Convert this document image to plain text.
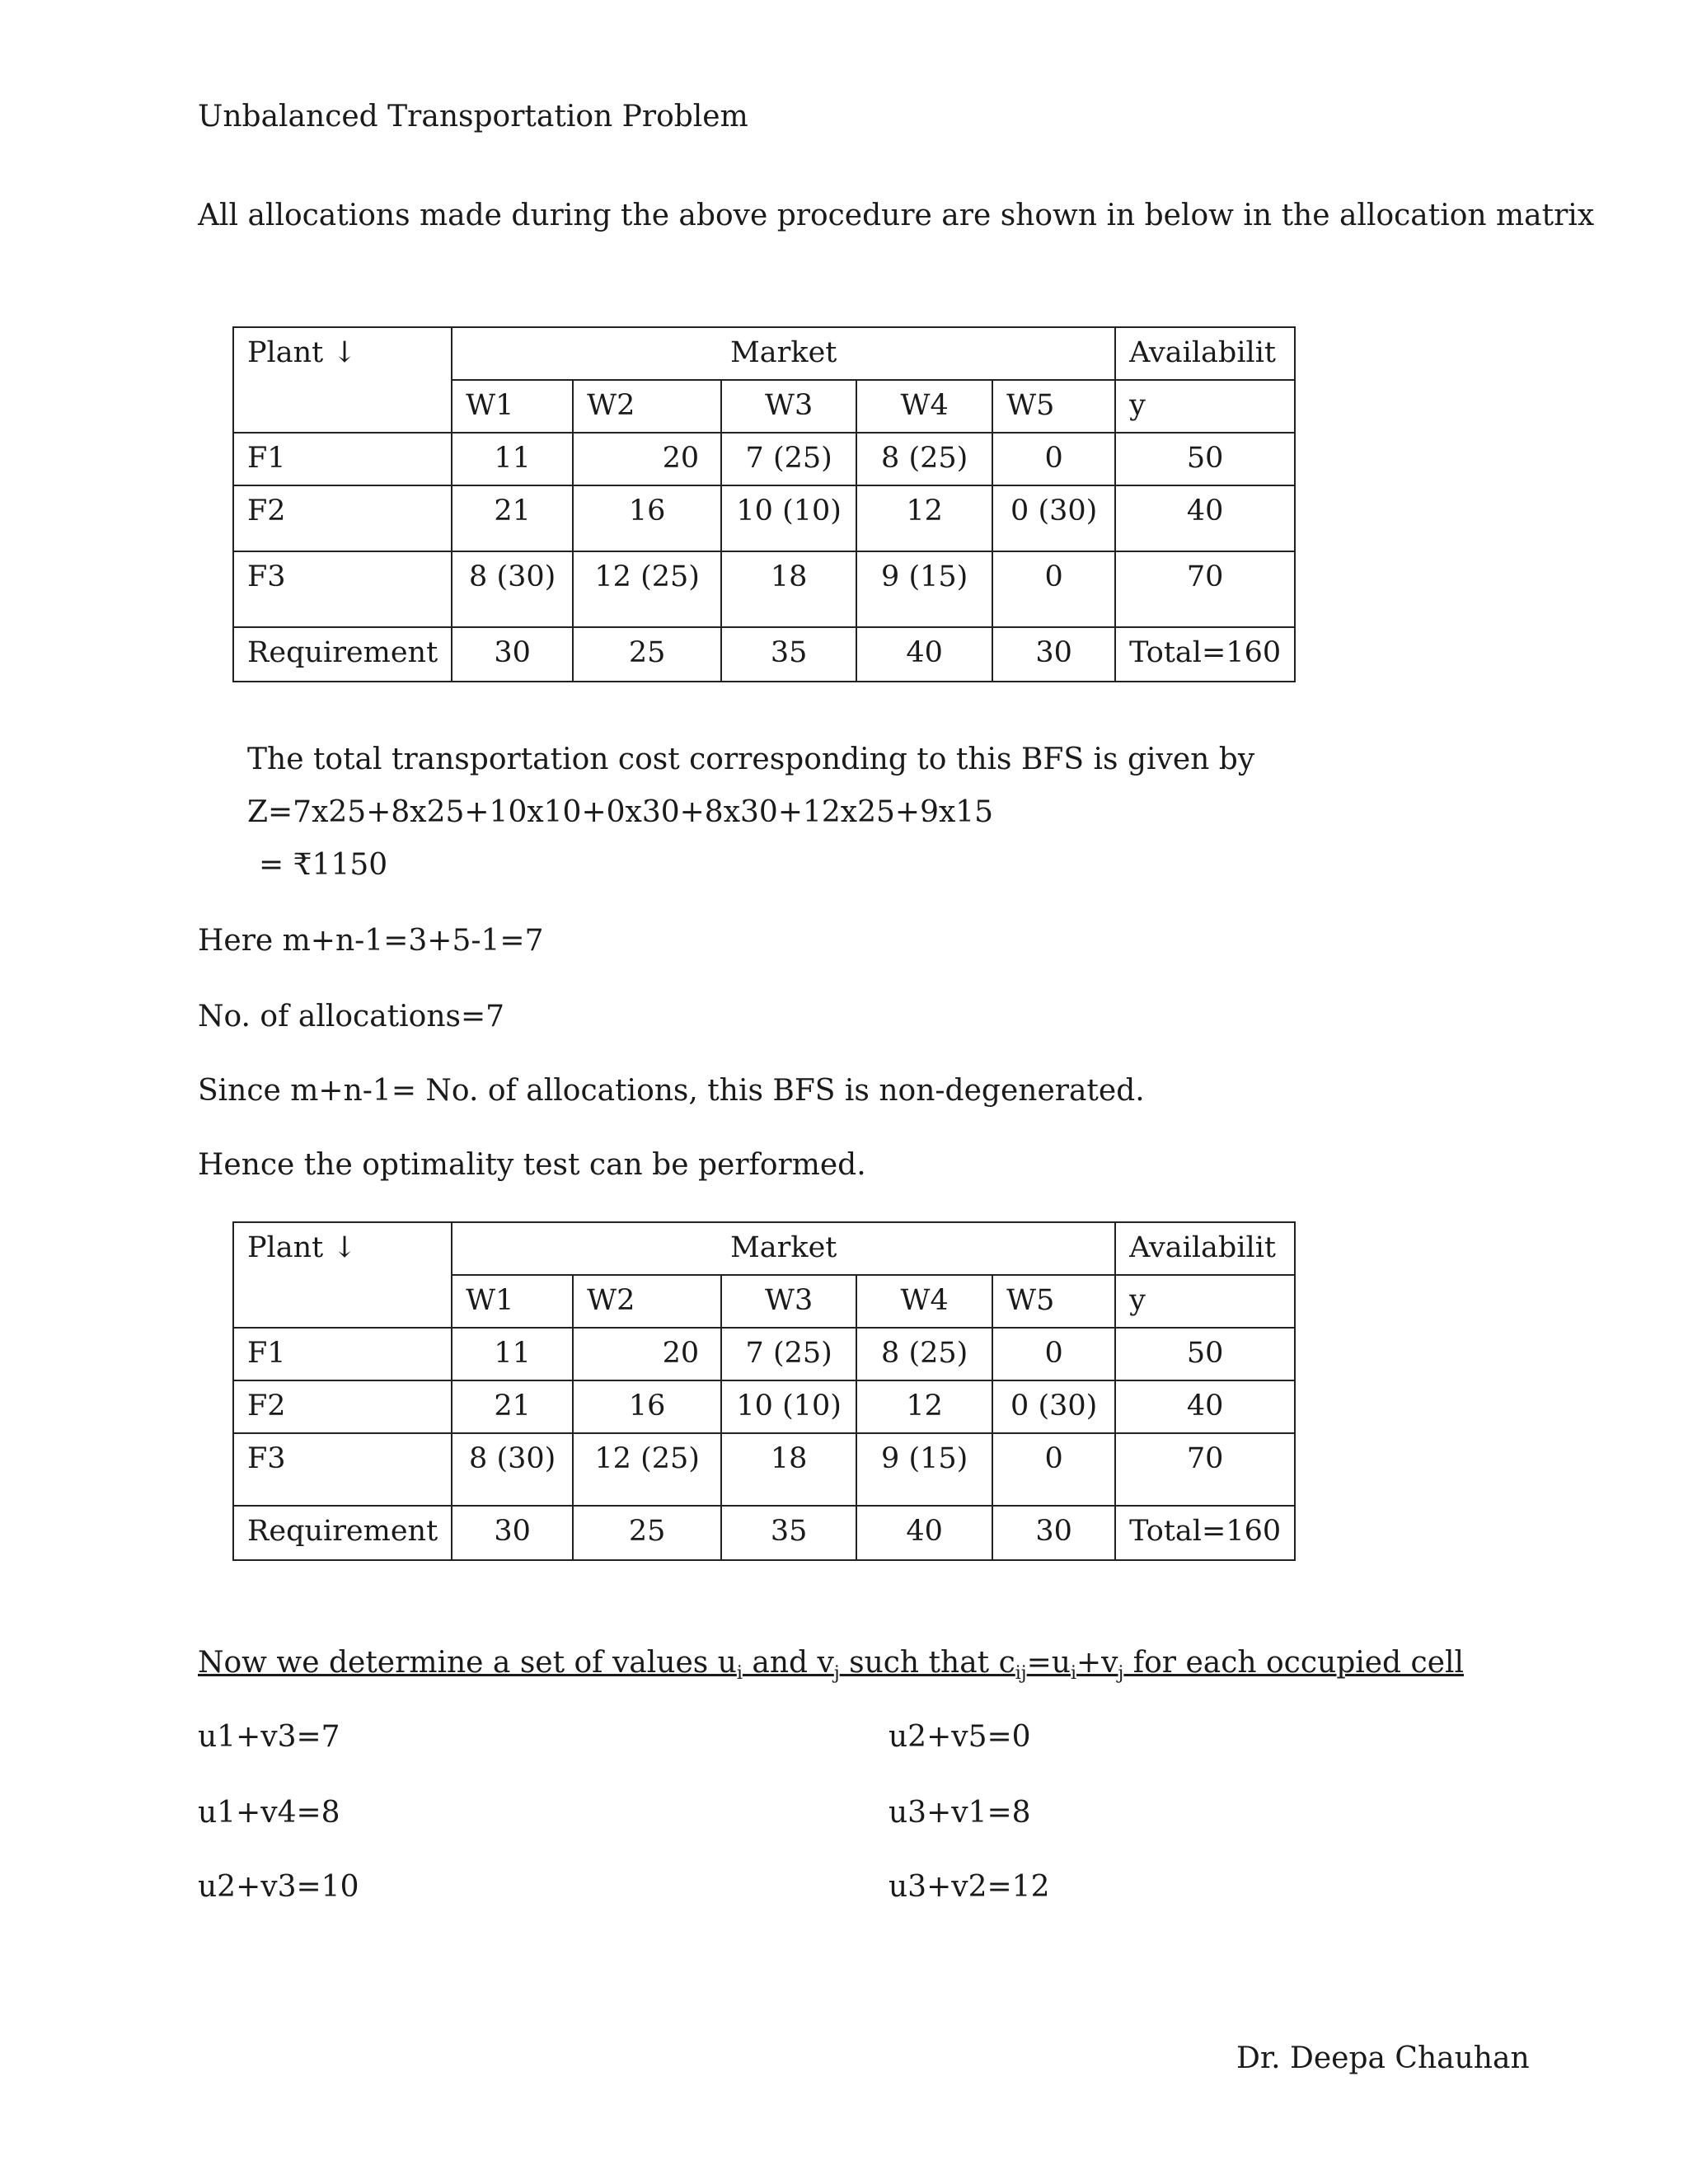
Unbalanced Transportation Problem
All allocations made during the above procedure are shown in below in the allocation matrix
Plant ↓	Market					Availabilit
	W1	W2	W3	W4	W5	y
F1	11	20	7 (25)	8 (25)	0	50
F2	21	16	10 (10)	12	0 (30)	40
F3	8 (30)	12 (25)	18	9 (15)	0	70
Requirement	30	25	35	40	30	Total=160
The total transportation cost corresponding to this BFS is given by
Z=7x25+8x25+10x10+0x30+8x30+12x25+9x15
= ₹1150
Here m+n-1=3+5-1=7
No. of allocations=7
Since m+n-1= No. of allocations, this BFS is non-degenerated.
Hence the optimality test can be performed.
Plant ↓	Market					Availabilit
	W1	W2	W3	W4	W5	y
F1	11	20	7 (25)	8 (25)	0	50
F2	21	16	10 (10)	12	0 (30)	40
F3	8 (30)	12 (25)	18	9 (15)	0	70
Requirement	30	25	35	40	30	Total=160
Now we determine a set of values $u_i$ and $v_j$ such that $c_{ij}=u_i+v_j$ for each occupied cell
u1+v3=7
u1+v4=8
u2+v3=10
u2+v5=0
u3+v1=8
u3+v2=12
Dr. Deepa Chauhan
